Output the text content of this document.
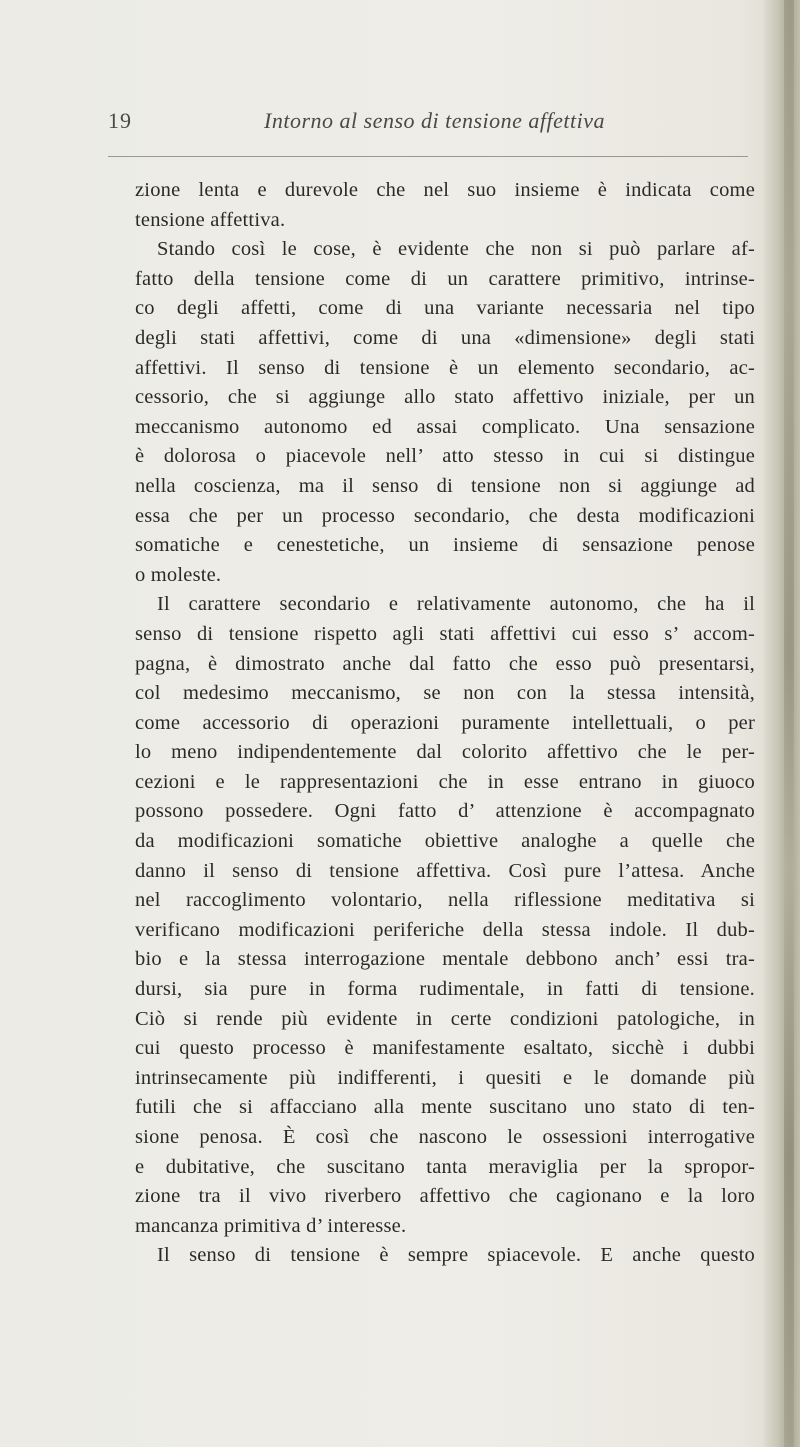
19	Intorno al senso di tensione affettiva
zione lenta e durevole che nel suo insieme è indicata come
tensione affettiva.
Stando così le cose, è evidente che non si può parlare af-
fatto della tensione come di un carattere primitivo, intrinse-
co degli affetti, come di una variante necessaria nel tipo
degli stati affettivi, come di una «dimensione» degli stati
affettivi. Il senso di tensione è un elemento secondario, ac-
cessorio, che si aggiunge allo stato affettivo iniziale, per un
meccanismo autonomo ed assai complicato. Una sensazione
è dolorosa o piacevole nell’ atto stesso in cui si distingue
nella coscienza, ma il senso di tensione non si aggiunge ad
essa che per un processo secondario, che desta modificazioni
somatiche e cenestetiche, un insieme di sensazione penose
o moleste.
Il carattere secondario e relativamente autonomo, che ha il
senso di tensione rispetto agli stati affettivi cui esso s’ accom-
pagna, è dimostrato anche dal fatto che esso può presentarsi,
col medesimo meccanismo, se non con la stessa intensità,
come accessorio di operazioni puramente intellettuali, o per
lo meno indipendentemente dal colorito affettivo che le per-
cezioni e le rappresentazioni che in esse entrano in giuoco
possono possedere. Ogni fatto d’ attenzione è accompagnato
da modificazioni somatiche obiettive analoghe a quelle che
danno il senso di tensione affettiva. Così pure l’attesa. Anche
nel raccoglimento volontario, nella riflessione meditativa si
verificano modificazioni periferiche della stessa indole. Il dub-
bio e la stessa interrogazione mentale debbono anch’ essi tra-
dursi, sia pure in forma rudimentale, in fatti di tensione.
Ciò si rende più evidente in certe condizioni patologiche, in
cui questo processo è manifestamente esaltato, sicchè i dubbi
intrinsecamente più indifferenti, i quesiti e le domande più
futili che si affacciano alla mente suscitano uno stato di ten-
sione penosa. È così che nascono le ossessioni interrogative
e dubitative, che suscitano tanta meraviglia per la spropor-
zione tra il vivo riverbero affettivo che cagionano e la loro
mancanza primitiva d’ interesse.
Il senso di tensione è sempre spiacevole. E anche questo
